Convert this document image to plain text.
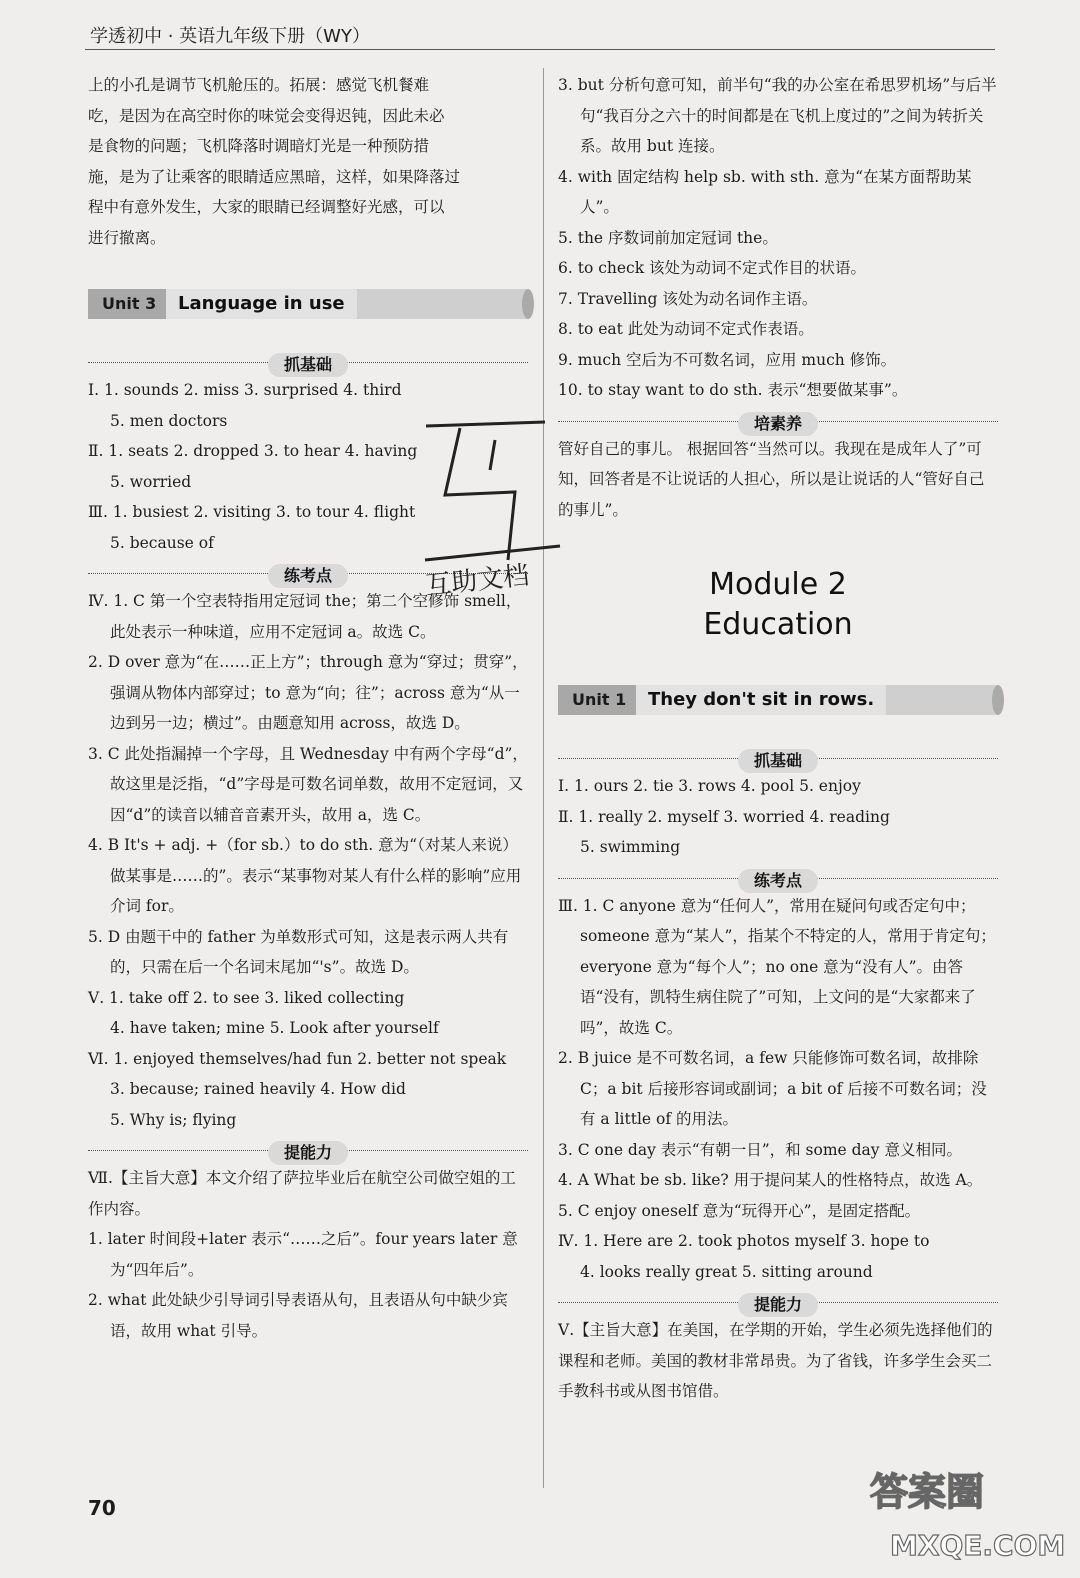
学透初中 · 英语九年级下册（WY）

上的小孔是调节飞机舱压的。拓展：感觉飞机餐难

吃，是因为在高空时你的味觉会变得迟钝，因此未必

是食物的问题；飞机降落时调暗灯光是一种预防措

施，是为了让乘客的眼睛适应黑暗，这样，如果降落过

程中有意外发生，大家的眼睛已经调整好光感，可以

进行撤离。

Unit 3	Language in use
抓基础

Ⅰ. 1. sounds 2. miss 3. surprised 4. third

5. men doctors

Ⅱ. 1. seats 2. dropped 3. to hear 4. having

5. worried

Ⅲ. 1. busiest 2. visiting 3. to tour 4. flight

5. because of

练考点

Ⅳ. 1. C 第一个空表特指用定冠词 the；第二个空修饰 smell，此处表示一种味道，应用不定冠词 a。故选 C。

2. D over 意为“在……正上方”；through 意为“穿过；贯穿”，强调从物体内部穿过；to 意为“向；往”；across 意为“从一边到另一边；横过”。由题意知用 across，故选 D。

3. C 此处指漏掉一个字母，且 Wednesday 中有两个字母“d”，故这里是泛指，“d”字母是可数名词单数，故用不定冠词，又因“d”的读音以辅音音素开头，故用 a，选 C。

4. B It's + adj. +（for sb.）to do sth. 意为“（对某人来说）做某事是……的”。表示“某事物对某人有什么样的影响”应用介词 for。

5. D 由题干中的 father 为单数形式可知，这是表示两人共有的，只需在后一个名词末尾加“'s”。故选 D。

Ⅴ. 1. take off 2. to see 3. liked collecting

4. have taken; mine 5. Look after yourself

Ⅵ. 1. enjoyed themselves/had fun 2. better not speak

3. because; rained heavily 4. How did

5. Why is; flying

提能力

Ⅶ.【主旨大意】本文介绍了萨拉毕业后在航空公司做空姐的工作内容。

1. later 时间段+later 表示“……之后”。four years later 意为“四年后”。

2. what 此处缺少引导词引导表语从句，且表语从句中缺少宾语，故用 what 引导。

3. but 分析句意可知，前半句“我的办公室在希思罗机场”与后半句“我百分之六十的时间都是在飞机上度过的”之间为转折关系。故用 but 连接。

4. with 固定结构 help sb. with sth. 意为“在某方面帮助某人”。

5. the 序数词前加定冠词 the。

6. to check 该处为动词不定式作目的状语。

7. Travelling 该处为动名词作主语。

8. to eat 此处为动词不定式作表语。

9. much 空后为不可数名词，应用 much 修饰。

10. to stay want to do sth. 表示“想要做某事”。

培素养

管好自己的事儿。 根据回答“当然可以。我现在是成年人了”可知，回答者是不让说话的人担心，所以是让说话的人“管好自己的事儿”。

Module 2
Education
Unit 1	They don't sit in rows.
抓基础

Ⅰ. 1. ours 2. tie 3. rows 4. pool 5. enjoy

Ⅱ. 1. really 2. myself 3. worried 4. reading

5. swimming

练考点

Ⅲ. 1. C anyone 意为“任何人”，常用在疑问句或否定句中；someone 意为“某人”，指某个不特定的人，常用于肯定句；everyone 意为“每个人”；no one 意为“没有人”。由答语“没有，凯特生病住院了”可知，上文问的是“大家都来了吗”，故选 C。

2. B juice 是不可数名词，a few 只能修饰可数名词，故排除 C；a bit 后接形容词或副词；a bit of 后接不可数名词；没有 a little of 的用法。

3. C one day 表示“有朝一日”，和 some day 意义相同。

4. A What be sb. like? 用于提问某人的性格特点，故选 A。

5. C enjoy oneself 意为“玩得开心”，是固定搭配。

Ⅳ. 1. Here are 2. took photos myself 3. hope to

4. looks really great 5. sitting around

提能力

Ⅴ.【主旨大意】在美国，在学期的开始，学生必须先选择他们的课程和老师。美国的教材非常昂贵。为了省钱，许多学生会买二手教科书或从图书馆借。

互助文档
70	答案圈
MXQE.COM
